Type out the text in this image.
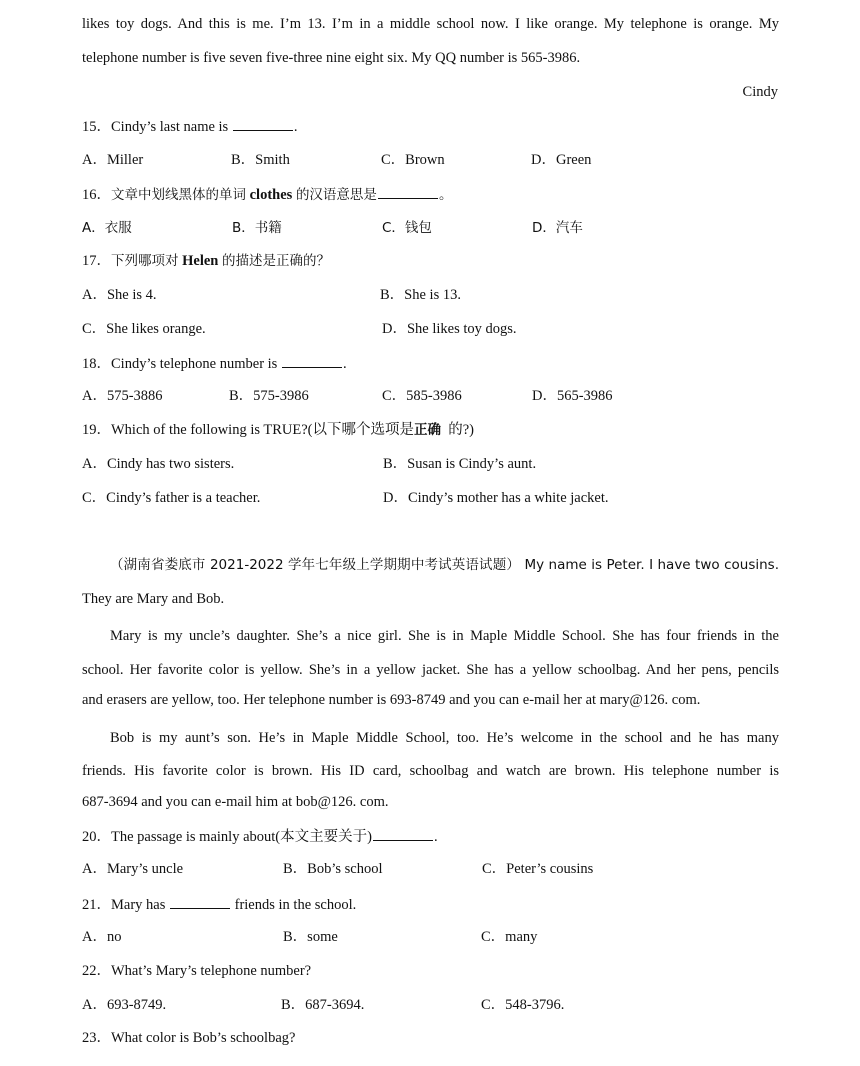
likes toy dogs. And this is me. I’m 13. I’m in a middle school now. I like orange. My telephone is orange. My
telephone number is five seven five-three nine eight six. My QQ number is 565-3986.
Cindy
15．Cindy’s last name is	.
A．Miller	B．Smith	C．Brown	D．Green
16．文章中划线黑体的单词 clothes 的汉语意思是	。
A．衣服	B．书籍	C．钱包	D．汽车
17．下列哪项对 Helen 的描述是正确的？
A．She is 4.	B．She is 13.
C．She likes orange.	D．She likes toy dogs.
18．Cindy’s telephone number is	.
A．575-3886	B．575-3986	C．585-3986	D．565-3986
19．Which of the following is TRUE?(以下哪个选项是正确 的?)
A．Cindy has two sisters.	B．Susan is Cindy’s aunt.
C．Cindy’s father is a teacher.	D．Cindy’s mother has a white jacket.
（湖南省娄底市 2021-2022 学年七年级上学期期中考试英语试题） My name is Peter. I have two cousins.
They are Mary and Bob.
Mary is my uncle’s daughter. She’s a nice girl. She is in Maple Middle School. She has four friends in the
school. Her favorite color is yellow. She’s in a yellow jacket. She has a yellow schoolbag. And her pens, pencils
and erasers are yellow, too. Her telephone number is 693-8749 and you can e-mail her at mary@126. com.
Bob is my aunt’s son. He’s in Maple Middle School, too. He’s welcome in the school and he has many
friends. His favorite color is brown. His ID card, schoolbag and watch are brown. His telephone number is
687-3694 and you can e-mail him at bob@126. com.
20．The passage is mainly about(本文主要关于)	.
A．Mary’s uncle	B．Bob’s school	C．Peter’s cousins
21．Mary has	friends in the school.
A．no	B．some	C．many
22．What’s Mary’s telephone number?
A．693-8749.	B．687-3694.	C．548-3796.
23．What color is Bob’s schoolbag?
